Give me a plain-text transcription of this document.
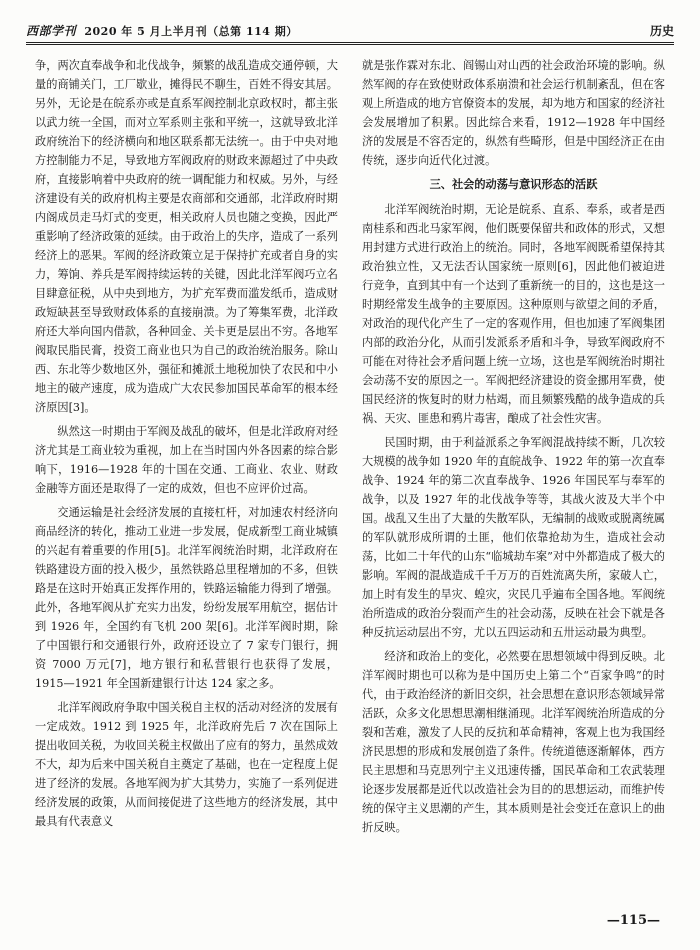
西部学刊 2020 年 5 月上半月刊（总第 114 期）	历史

争，两次直奉战争和北伐战争，频繁的战乱造成交通停顿，大量的商铺关门，工厂歇业，摊得民不聊生，百姓不得安其居。另外，无论是在皖系亦或是直系军阀控制北京政权时，都主张以武力统一全国，而对立军系则主张和平统一，这就导致北洋政府统治下的经济横向和地区联系都无法统一。由于中央对地方控制能力不足，导致地方军阀政府的财政来源超过了中央政府，直接影响着中央政府的统一调配能力和权威。另外，与经济建设有关的政府机构主要是农商部和交通部，北洋政府时期内阁成员走马灯式的变更，相关政府人员也随之变换，因此严重影响了经济政策的延续。由于政治上的失序，造成了一系列经济上的恶果。军阀的经济政策立足于保持扩充或者自身的实力，筹饷、养兵是军阀持续运转的关键，因此北洋军阀巧立名目肆意征税，从中央到地方，为扩充军费而滥发纸币，造成财政短缺甚至导致财政体系的直接崩溃。为了筹集军费，北洋政府还大举向国内借款，各种回金、关卡更是层出不穷。各地军阀取民脂民膏，投资工商业也只为自己的政治统治服务。除山西、东北等少数地区外，强征和摊派土地税加快了农民和中小地主的破产速度，成为造成广大农民参加国民革命军的根本经济原因[3]。

纵然这一时期由于军阀及战乱的破坏，但是北洋政府对经济尤其是工商业较为重视，加上在当时国内外各因素的综合影响下，1916—1928 年的十国在交通、工商业、农业、财政金融等方面还是取得了一定的成效，但也不应评价过高。

交通运输是社会经济发展的直接杠杆，对加速农村经济向商品经济的转化，推动工业进一步发展，促成新型工商业城镇的兴起有着重要的作用[5]。北洋军阀统治时期，北洋政府在铁路建设方面的投入极少，虽然铁路总里程增加的不多，但铁路是在这时开始真正发挥作用的，铁路运输能力得到了增强。此外，各地军阀从扩充实力出发，纷纷发展军用航空，据估计到 1926 年，全国约有飞机 200 架[6]。北洋军阀时期，除了中国银行和交通银行外，政府还设立了 7 家专门银行，拥资 7000 万元[7]，地方银行和私营银行也获得了发展，1915—1921 年全国新建银行计达 124 家之多。

北洋军阀政府争取中国关税自主权的活动对经济的发展有一定成效。1912 到 1925 年，北洋政府先后 7 次在国际上提出收回关税，为收回关税主权做出了应有的努力，虽然成效不大，却为后来中国关税自主奠定了基础，也在一定程度上促进了经济的发展。各地军阀为扩大其势力，实施了一系列促进经济发展的政策，从而间接促进了这些地方的经济发展，其中最具有代表意义

就是张作霖对东北、阎锡山对山西的社会政治环境的影响。纵然军阀的存在致使财政体系崩溃和社会运行机制紊乱，但在客观上所造成的地方官僚资本的发展，却为地方和国家的经济社会发展增加了积累。因此综合来看，1912—1928 年中国经济的发展是不容否定的，纵然有些畸形，但是中国经济正在由传统，逐步向近代化过渡。

三、社会的动荡与意识形态的活跃

北洋军阀统治时期，无论是皖系、直系、奉系，或者是西南桂系和西北马家军阀，他们既要保留共和政体的形式，又想用封建方式进行政治上的统治。同时，各地军阀既希望保持其政治独立性，又无法否认国家统一原则[6]，因此他们被迫进行竞争，直到其中有一个达到了重新统一的目的，这也是这一时期经常发生战争的主要原因。这种原则与欲望之间的矛盾，对政治的现代化产生了一定的客观作用，但也加速了军阀集团内部的政治分化，从而引发派系矛盾和斗争，导致军阀政府不可能在对待社会矛盾问题上统一立场，这也是军阀统治时期社会动荡不安的原因之一。军阀把经济建设的资金挪用军费，使国民经济的恢复时的财力枯竭，而且频繁残酷的战争造成的兵祸、天灾、匪患和鸦片毒害，酿成了社会性灾害。

民国时期，由于利益派系之争军阀混战持续不断，几次较大规模的战争如 1920 年的直皖战争、1922 年的第一次直奉战争、1924 年的第二次直奉战争、1926 年国民军与奉军的战争，以及 1927 年的北伐战争等等，其战火波及大半个中国。战乱又生出了大量的失散军队，无编制的战败或脱离统属的军队就形成所谓的土匪，他们依靠抢劫为生，造成社会动荡，比如二十年代的山东“临城劫车案”对中外都造成了极大的影响。军阀的混战造成千千万万的百姓流离失所，家破人亡，加上时有发生的旱灾、蝗灾，灾民几乎遍布全国各地。军阀统治所造成的政治分裂而产生的社会动荡，反映在社会下就是各种反抗运动层出不穷，尤以五四运动和五卅运动最为典型。

经济和政治上的变化，必然要在思想领域中得到反映。北洋军阀时期也可以称为是中国历史上第二个“百家争鸣”的时代，由于政治经济的新旧交织，社会思想在意识形态领域异常活跃，众多文化思想思潮相继涌现。北洋军阀统治所造成的分裂和苦难，激发了人民的反抗和革命精神，客观上也为我国经济民思想的形成和发展创造了条件。传统道德逐渐解体，西方民主思想和马克思列宁主义迅速传播，国民革命和工农武装理论逐步发展都是近代以改造社会为目的的思想运动，而维护传统的保守主义思潮的产生，其本质则是社会变迁在意识上的曲折反映。

—115—
